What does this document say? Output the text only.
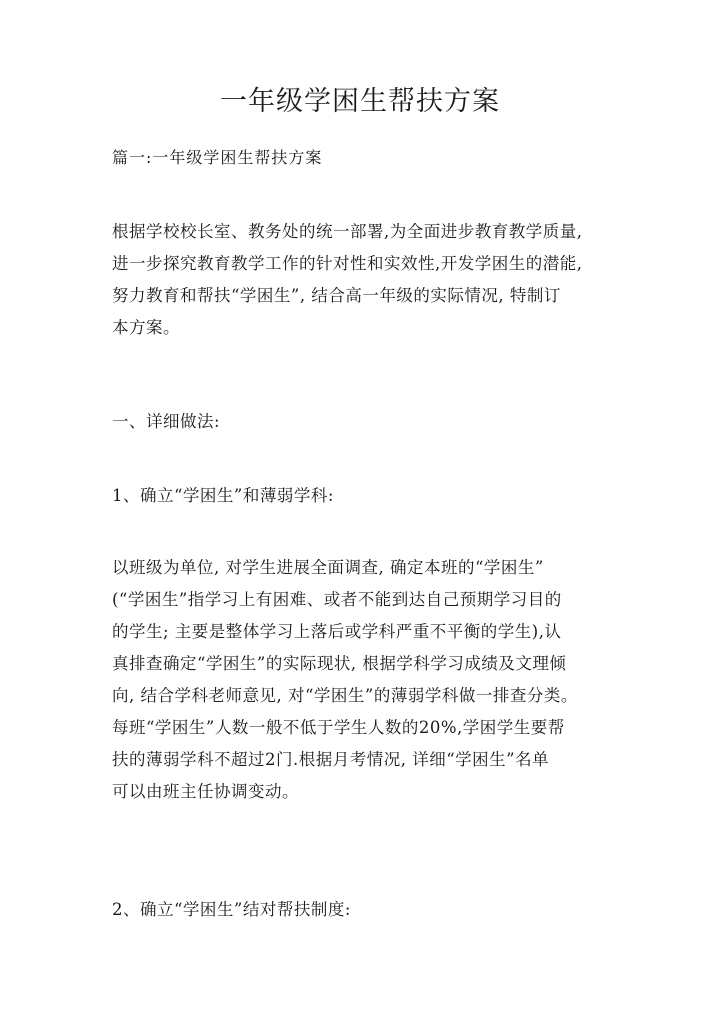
一年级学困生帮扶方案

篇一:一年级学困生帮扶方案

根据学校校长室、教务处的统一部署,为全面进步教育教学质量,
进一步探究教育教学工作的针对性和实效性,开发学困生的潜能,
努力教育和帮扶“学困生”, 结合高一年级的实际情况, 特制订
本方案。

一、详细做法:

1、确立“学困生”和薄弱学科:

以班级为单位, 对学生进展全面调查, 确定本班的“学困生”
(“学困生”指学习上有困难、或者不能到达自己预期学习目的
的学生; 主要是整体学习上落后或学科严重不平衡的学生),认
真排查确定“学困生”的实际现状, 根据学科学习成绩及文理倾
向, 结合学科老师意见, 对“学困生”的薄弱学科做一排查分类。
每班“学困生”人数一般不低于学生人数的20%,学困学生要帮
扶的薄弱学科不超过2门.根据月考情况, 详细“学困生”名单
可以由班主任协调变动。

2、确立“学困生”结对帮扶制度:
